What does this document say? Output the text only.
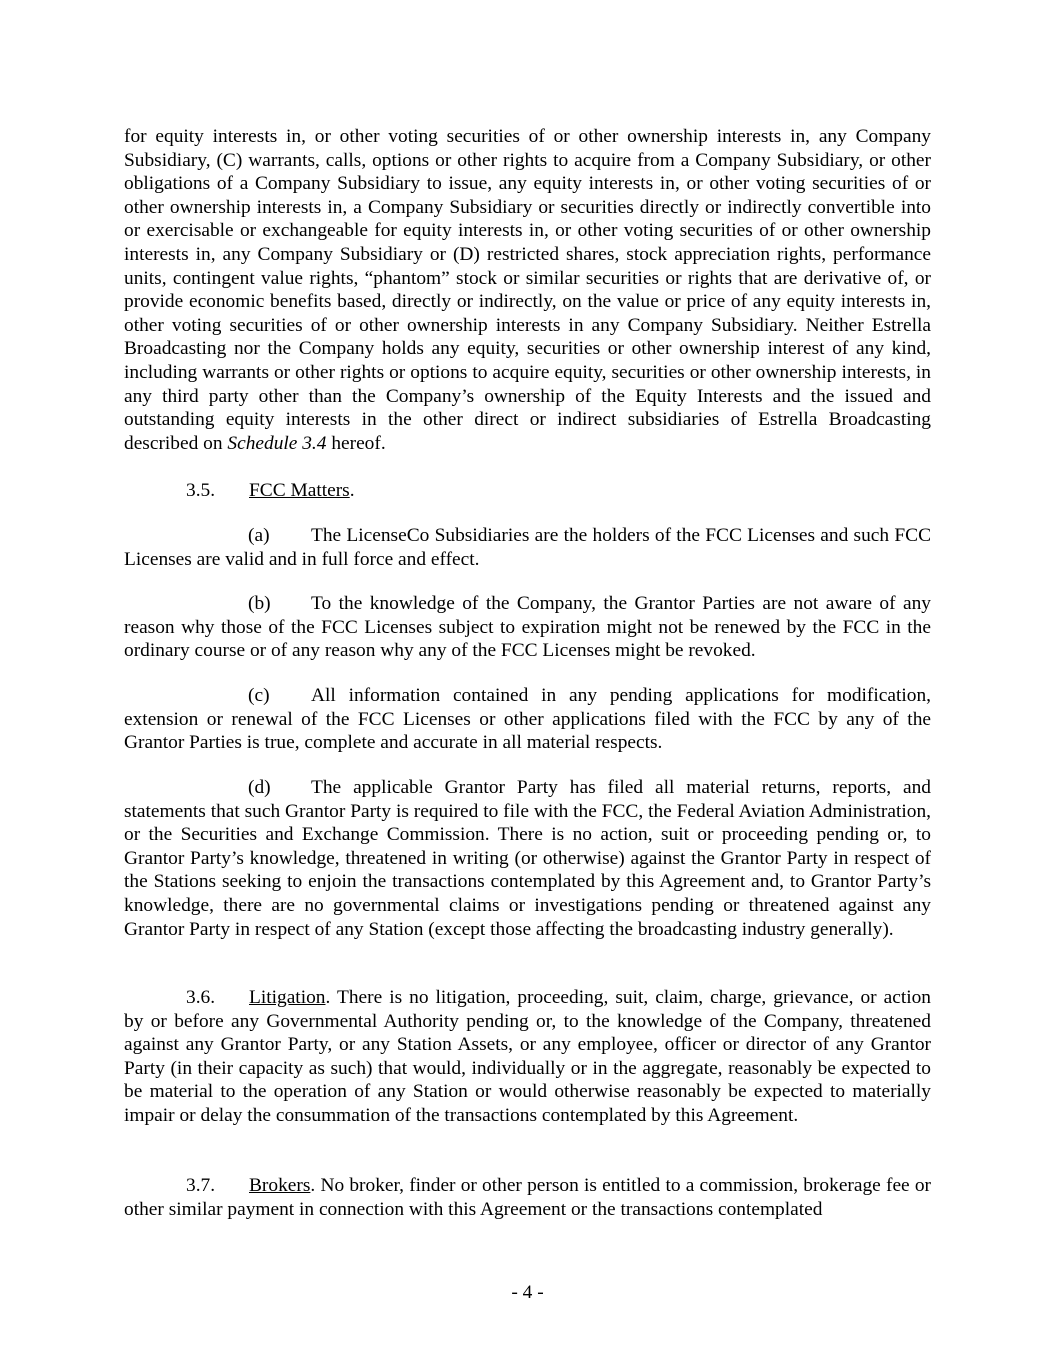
for equity interests in, or other voting securities of or other ownership interests in, any Company Subsidiary, (C) warrants, calls, options or other rights to acquire from a Company Subsidiary, or other obligations of a Company Subsidiary to issue, any equity interests in, or other voting securities of or other ownership interests in, a Company Subsidiary or securities directly or indirectly convertible into or exercisable or exchangeable for equity interests in, or other voting securities of or other ownership interests in, any Company Subsidiary or (D) restricted shares, stock appreciation rights, performance units, contingent value rights, “phantom” stock or similar securities or rights that are derivative of, or provide economic benefits based, directly or indirectly, on the value or price of any equity interests in, other voting securities of or other ownership interests in any Company Subsidiary. Neither Estrella Broadcasting nor the Company holds any equity, securities or other ownership interest of any kind, including warrants or other rights or options to acquire equity, securities or other ownership interests, in any third party other than the Company’s ownership of the Equity Interests and the issued and outstanding equity interests in the other direct or indirect subsidiaries of Estrella Broadcasting described on Schedule 3.4 hereof.

3.5. FCC Matters.

(a) The LicenseCo Subsidiaries are the holders of the FCC Licenses and such FCC Licenses are valid and in full force and effect.

(b) To the knowledge of the Company, the Grantor Parties are not aware of any reason why those of the FCC Licenses subject to expiration might not be renewed by the FCC in the ordinary course or of any reason why any of the FCC Licenses might be revoked.

(c) All information contained in any pending applications for modification, extension or renewal of the FCC Licenses or other applications filed with the FCC by any of the Grantor Parties is true, complete and accurate in all material respects.

(d) The applicable Grantor Party has filed all material returns, reports, and statements that such Grantor Party is required to file with the FCC, the Federal Aviation Administration, or the Securities and Exchange Commission. There is no action, suit or proceeding pending or, to Grantor Party’s knowledge, threatened in writing (or otherwise) against the Grantor Party in respect of the Stations seeking to enjoin the transactions contemplated by this Agreement and, to Grantor Party’s knowledge, there are no governmental claims or investigations pending or threatened against any Grantor Party in respect of any Station (except those affecting the broadcasting industry generally).

3.6. Litigation. There is no litigation, proceeding, suit, claim, charge, grievance, or action by or before any Governmental Authority pending or, to the knowledge of the Company, threatened against any Grantor Party, or any Station Assets, or any employee, officer or director of any Grantor Party (in their capacity as such) that would, individually or in the aggregate, reasonably be expected to be material to the operation of any Station or would otherwise reasonably be expected to materially impair or delay the consummation of the transactions contemplated by this Agreement.

3.7. Brokers. No broker, finder or other person is entitled to a commission, brokerage fee or other similar payment in connection with this Agreement or the transactions contemplated

- 4 -
